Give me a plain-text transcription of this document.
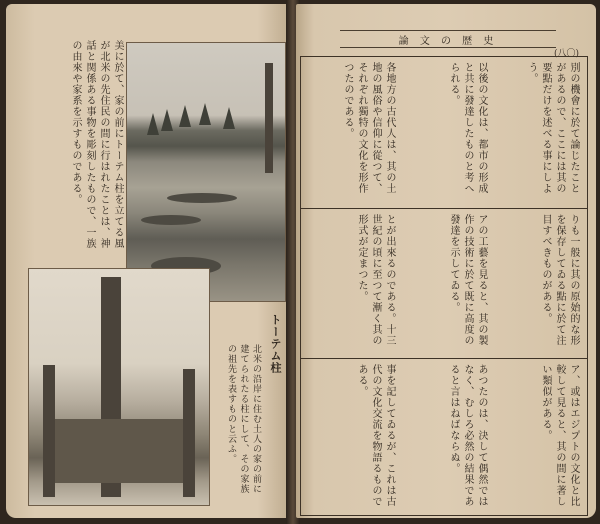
美に於て、家の前にトーテム柱を立てる風が北米の先住民の間に行はれたことは、神話と関係ある事物を彫刻したもので、一族の由來や家系を示すものである。
トーテム柱
北米の沿岸に住む土人の家の前に建てられたる柱にして、その家族の祖先を表すものと云ふ。
論 文 の 歴 史
(八〇)
別の機會に於て論じたことがあるので、ここには其の要點だけを述べる事にしよう。
以後の文化は、都市の形成と共に發達したものと考へられる。
各地方の古代人は、其の土地の風俗や信仰に從つて、それぞれ獨特の文化を形作つたのである。
りも一般に其の原始的な形を保存してゐる點に於て注目すべきものがある。
アの工藝を見ると、其の製作の技術に於て既に高度の發達を示してゐる。
とが出來るのである。十三世紀の頃に至つて漸く其の形式が定まつた。
ア、或はエジプトの文化と比較して見ると、其の間に著しい類似がある。
あつたのは、決して偶然ではなく、むしろ必然の結果であると言はねばならぬ。
事を記してゐるが、これは古代の文化交流を物語るものである。
